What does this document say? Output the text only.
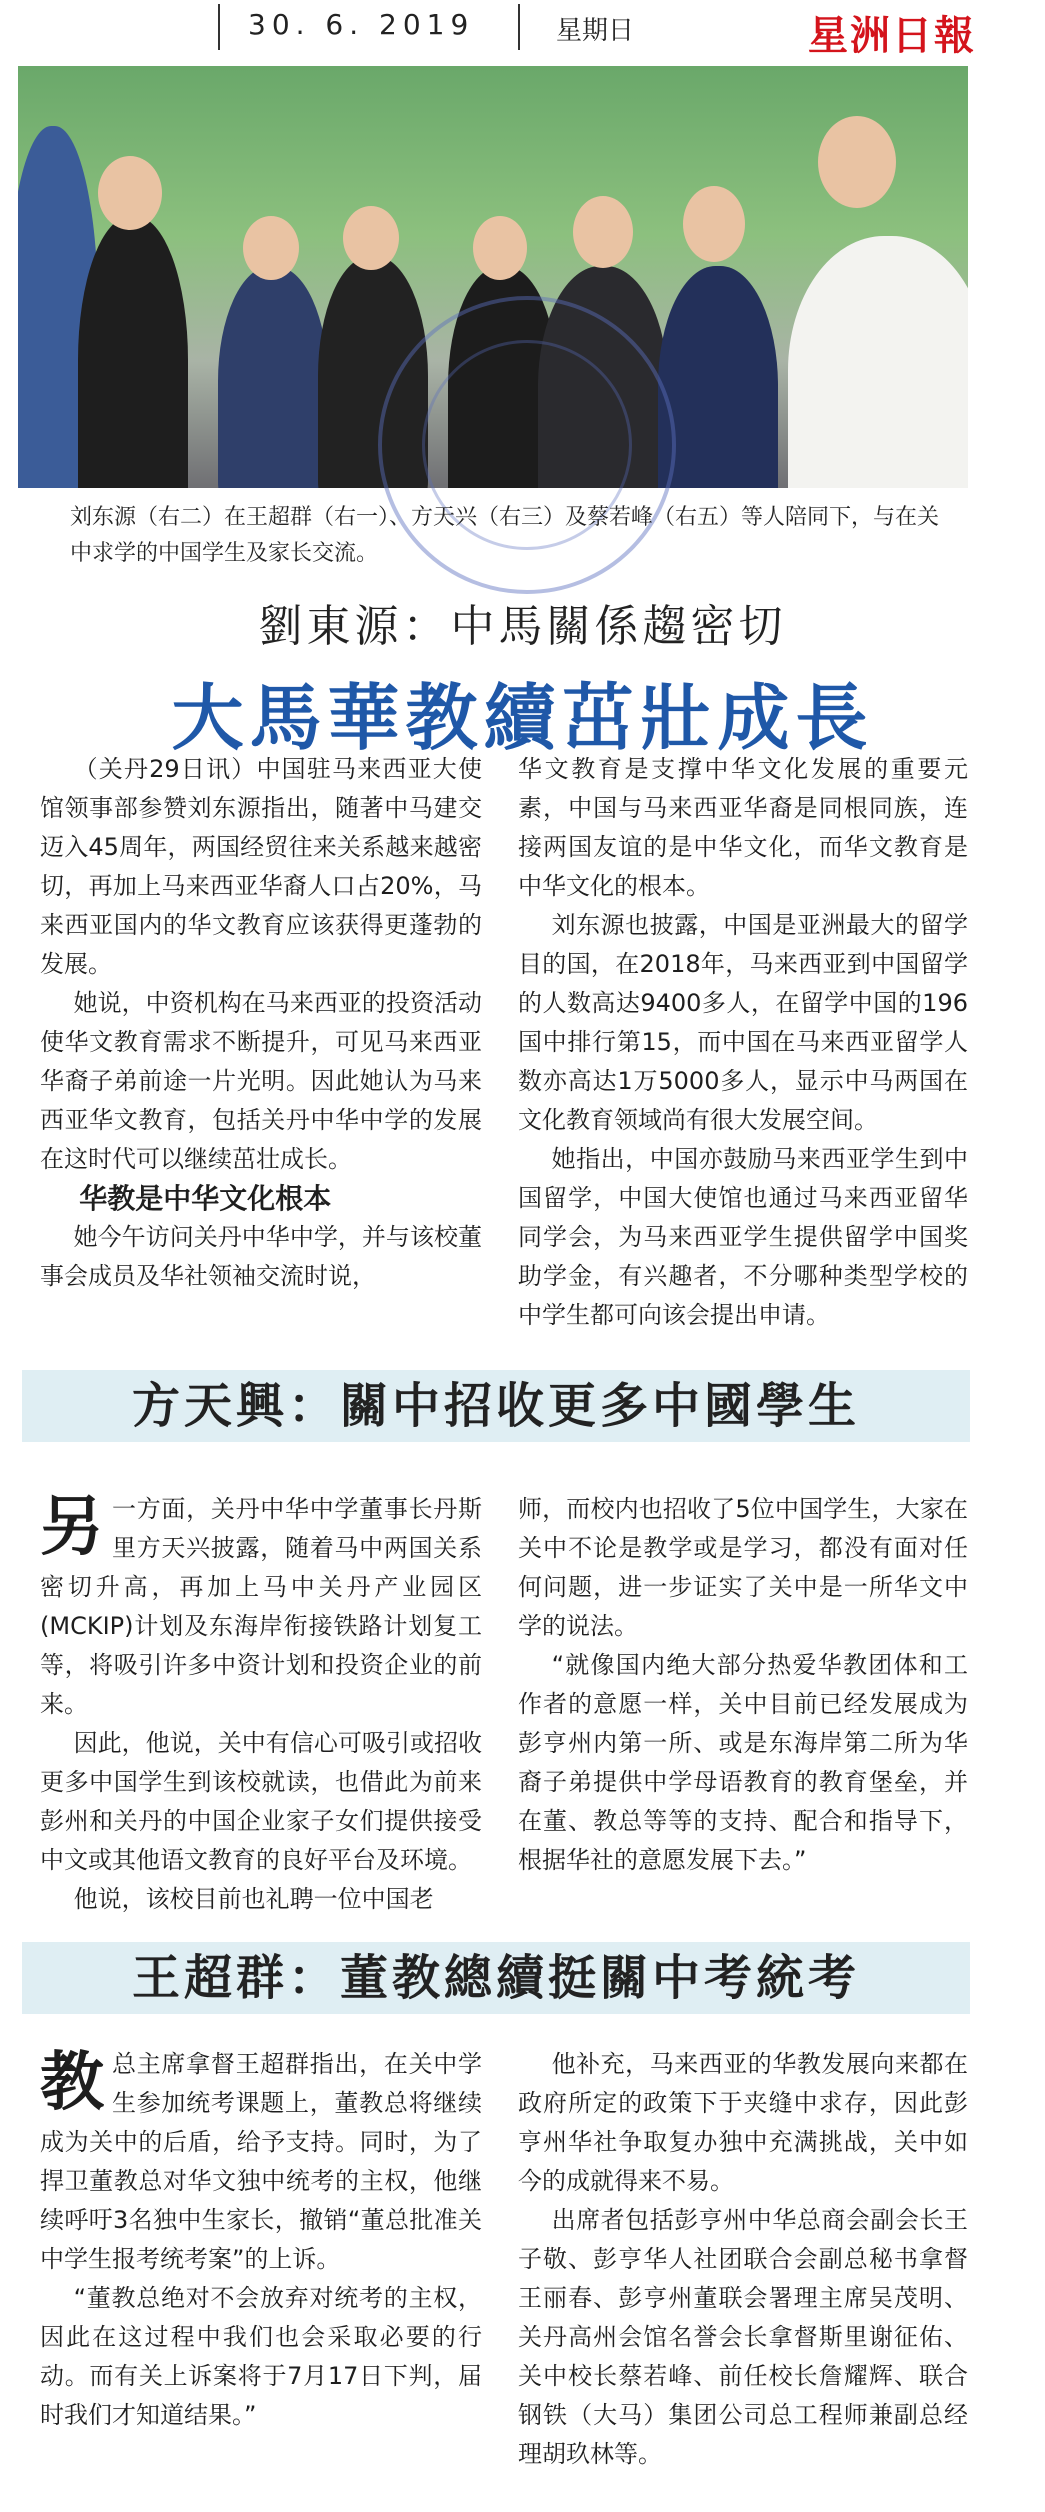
30. 6. 2019	星期日	星洲日報
刘东源（右二）在王超群（右一）、方天兴（右三）及蔡若峰（右五）等人陪同下，与在关中求学的中国学生及家长交流。
劉東源：中馬關係趨密切
大馬華教續茁壯成長

（关丹29日讯）中国驻马来西亚大使馆领事部参赞刘东源指出，随著中马建交迈入45周年，两国经贸往来关系越来越密切，再加上马来西亚华裔人口占20%，马来西亚国内的华文教育应该获得更蓬勃的发展。

她说，中资机构在马来西亚的投资活动使华文教育需求不断提升，可见马来西亚华裔子弟前途一片光明。因此她认为马来西亚华文教育，包括关丹中华中学的发展在这时代可以继续茁壮成长。

华教是中华文化根本

她今午访问关丹中华中学，并与该校董事会成员及华社领袖交流时说，

华文教育是支撑中华文化发展的重要元素，中国与马来西亚华裔是同根同族，连接两国友谊的是中华文化，而华文教育是中华文化的根本。

刘东源也披露，中国是亚洲最大的留学目的国，在2018年，马来西亚到中国留学的人数高达9400多人，在留学中国的196国中排行第15，而中国在马来西亚留学人数亦高达1万5000多人，显示中马两国在文化教育领域尚有很大发展空间。

她指出，中国亦鼓励马来西亚学生到中国留学，中国大使馆也通过马来西亚留华同学会，为马来西亚学生提供留学中国奖助学金，有兴趣者，不分哪种类型学校的中学生都可向该会提出申请。

方天興：關中招收更多中國學生

另一方面，关丹中华中学董事长丹斯里方天兴披露，随着马中两国关系密切升高，再加上马中关丹产业园区(MCKIP)计划及东海岸衔接铁路计划复工等，将吸引许多中资计划和投资企业的前来。

因此，他说，关中有信心可吸引或招收更多中国学生到该校就读，也借此为前来彭州和关丹的中国企业家子女们提供接受中文或其他语文教育的良好平台及环境。

他说，该校目前也礼聘一位中国老

师，而校内也招收了5位中国学生，大家在关中不论是教学或是学习，都没有面对任何问题，进一步证实了关中是一所华文中学的说法。

“就像国内绝大部分热爱华教团体和工作者的意愿一样，关中目前已经发展成为彭亨州内第一所、或是东海岸第二所为华裔子弟提供中学母语教育的教育堡垒，并在董、教总等等的支持、配合和指导下，根据华社的意愿发展下去。”

王超群：董教總續挺關中考統考

教总主席拿督王超群指出，在关中学生参加统考课题上，董教总将继续成为关中的后盾，给予支持。同时，为了捍卫董教总对华文独中统考的主权，他继续呼吁3名独中生家长，撤销“董总批准关中学生报考统考案”的上诉。

“董教总绝对不会放弃对统考的主权，因此在这过程中我们也会采取必要的行动。而有关上诉案将于7月17日下判，届时我们才知道结果。”

他补充，马来西亚的华教发展向来都在政府所定的政策下于夹缝中求存，因此彭亨州华社争取复办独中充满挑战，关中如今的成就得来不易。

出席者包括彭亨州中华总商会副会长王子敬、彭亨华人社团联合会副总秘书拿督王丽春、彭亨州董联会署理主席吴茂明、关丹高州会馆名誉会长拿督斯里谢征佑、关中校长蔡若峰、前任校长詹耀辉、联合钢铁（大马）集团公司总工程师兼副总经理胡玖林等。
